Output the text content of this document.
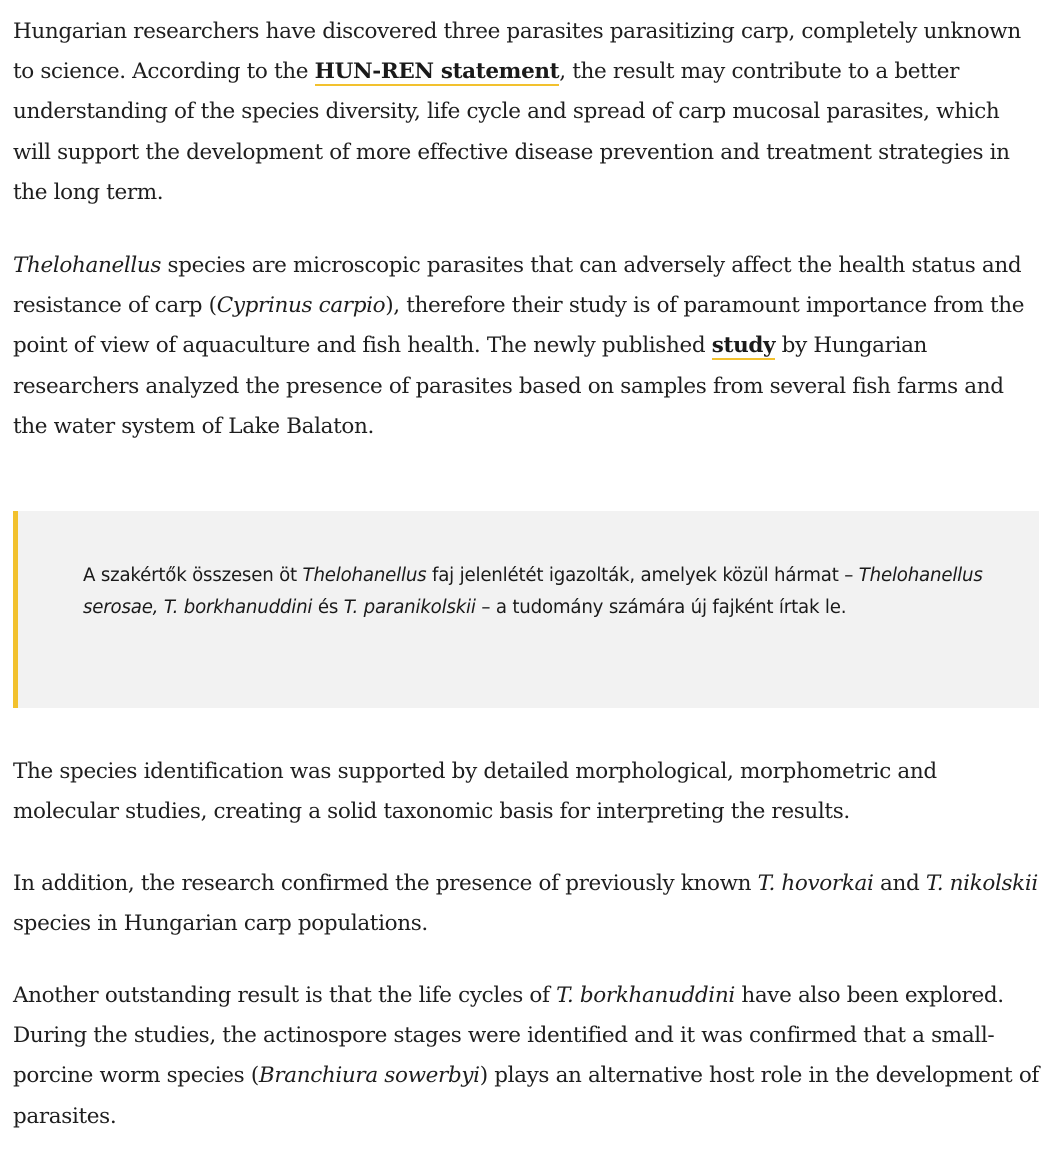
Hungarian researchers have discovered three parasites parasitizing carp, completely unknown to science. According to the HUN-REN statement, the result may contribute to a better understanding of the species diversity, life cycle and spread of carp mucosal parasites, which will support the development of more effective disease prevention and treatment strategies in the long term.

Thelohanellus species are microscopic parasites that can adversely affect the health status and resistance of carp (Cyprinus carpio), therefore their study is of paramount importance from the point of view of aquaculture and fish health. The newly published study by Hungarian researchers analyzed the presence of parasites based on samples from several fish farms and the water system of Lake Balaton.

A szakértők összesen öt Thelohanellus faj jelenlétét igazolták, amelyek közül hármat – Thelohanellus serosae, T. borkhanuddini és T. paranikolskii – a tudomány számára új fajként írtak le.

The species identification was supported by detailed morphological, morphometric and molecular studies, creating a solid taxonomic basis for interpreting the results.

In addition, the research confirmed the presence of previously known T. hovorkai and T. nikolskii species in Hungarian carp populations.

Another outstanding result is that the life cycles of T. borkhanuddini have also been explored. During the studies, the actinospore stages were identified and it was confirmed that a small-porcine worm species (Branchiura sowerbyi) plays an alternative host role in the development of parasites.
